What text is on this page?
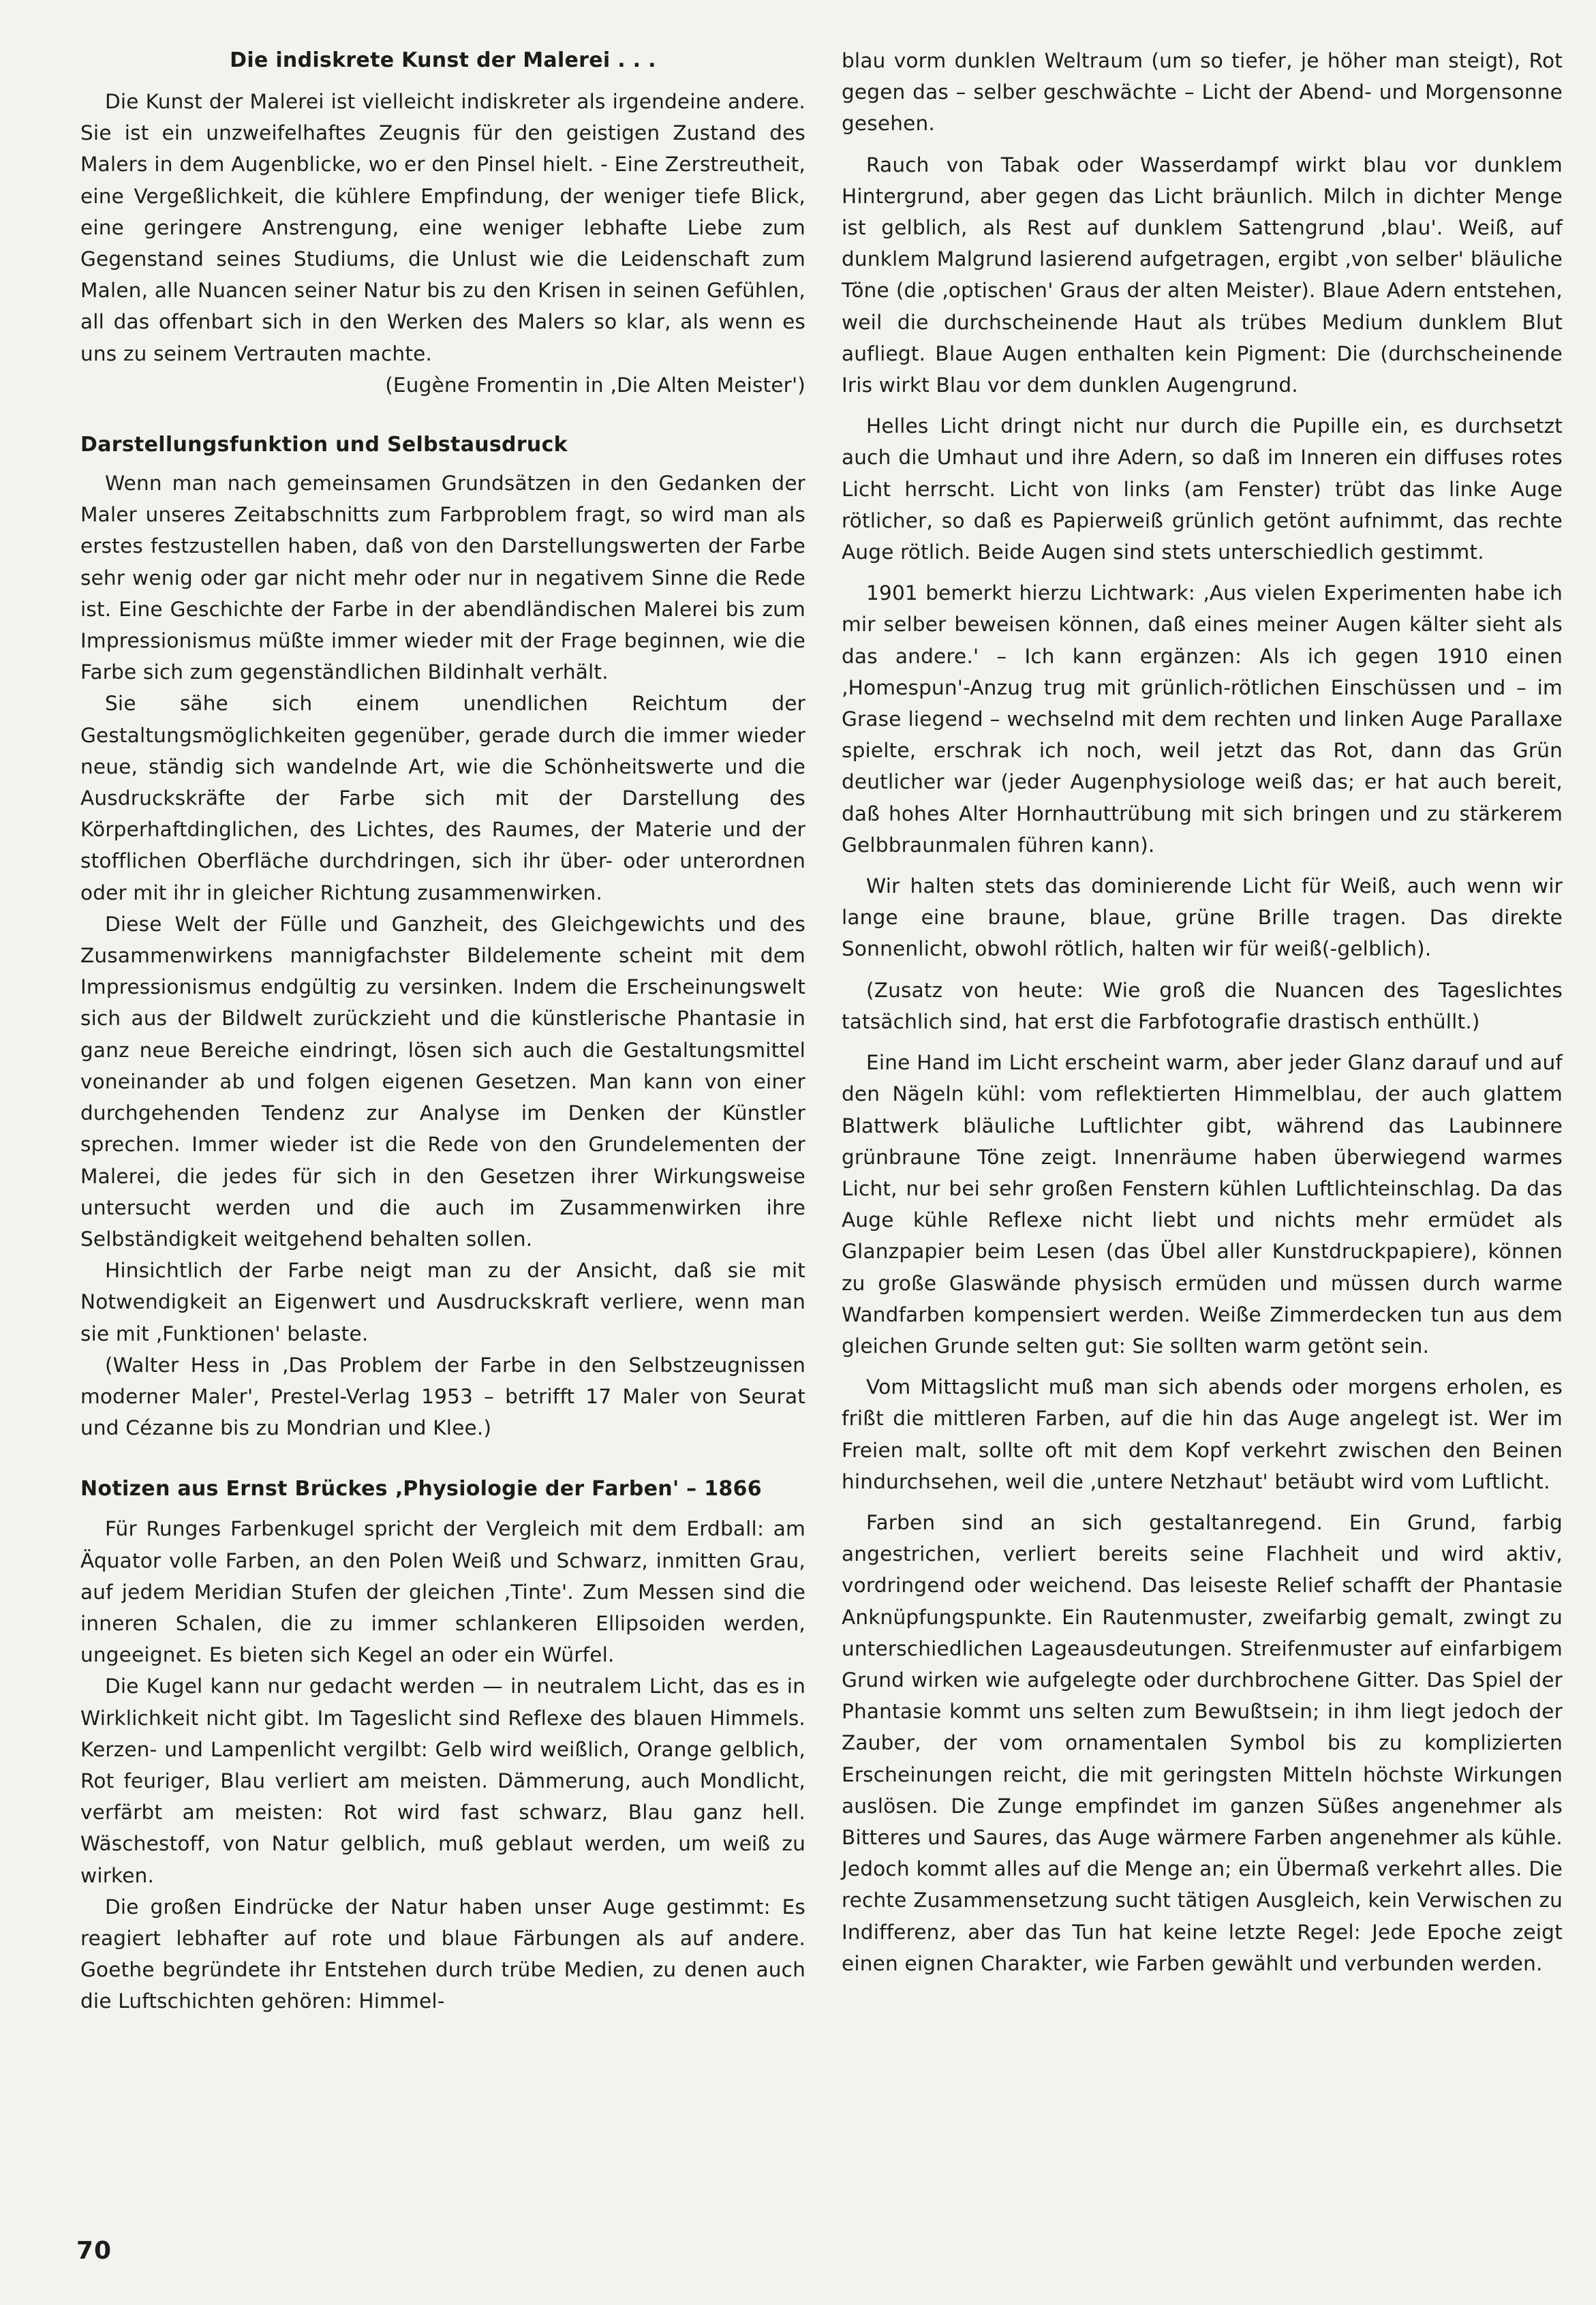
Die indiskrete Kunst der Malerei . . .

Die Kunst der Malerei ist vielleicht indiskreter als irgendeine andere. Sie ist ein unzweifelhaftes Zeugnis für den geistigen Zustand des Malers in dem Augenblicke, wo er den Pinsel hielt. - Eine Zerstreutheit, eine Vergeßlichkeit, die kühlere Empfindung, der weniger tiefe Blick, eine geringere Anstrengung, eine weniger lebhafte Liebe zum Gegenstand seines Studiums, die Unlust wie die Leidenschaft zum Malen, alle Nuancen seiner Natur bis zu den Krisen in seinen Gefühlen, all das offenbart sich in den Werken des Malers so klar, als wenn es uns zu seinem Vertrauten machte.

(Eugène Fromentin in ‚Die Alten Meister')

Darstellungsfunktion und Selbstausdruck

Wenn man nach gemeinsamen Grundsätzen in den Gedanken der Maler unseres Zeitabschnitts zum Farbproblem fragt, so wird man als erstes festzustellen haben, daß von den Darstellungswerten der Farbe sehr wenig oder gar nicht mehr oder nur in negativem Sinne die Rede ist. Eine Geschichte der Farbe in der abendländischen Malerei bis zum Impressionismus müßte immer wieder mit der Frage beginnen, wie die Farbe sich zum gegenständlichen Bildinhalt verhält.

Sie sähe sich einem unendlichen Reichtum der Gestaltungsmöglichkeiten gegenüber, gerade durch die immer wieder neue, ständig sich wandelnde Art, wie die Schönheitswerte und die Ausdruckskräfte der Farbe sich mit der Darstellung des Körperhaftdinglichen, des Lichtes, des Raumes, der Materie und der stofflichen Oberfläche durchdringen, sich ihr über- oder unterordnen oder mit ihr in gleicher Richtung zusammenwirken.

Diese Welt der Fülle und Ganzheit, des Gleichgewichts und des Zusammenwirkens mannigfachster Bildelemente scheint mit dem Impressionismus endgültig zu versinken. Indem die Erscheinungswelt sich aus der Bildwelt zurückzieht und die künstlerische Phantasie in ganz neue Bereiche eindringt, lösen sich auch die Gestaltungsmittel voneinander ab und folgen eigenen Gesetzen. Man kann von einer durchgehenden Tendenz zur Analyse im Denken der Künstler sprechen. Immer wieder ist die Rede von den Grundelementen der Malerei, die jedes für sich in den Gesetzen ihrer Wirkungsweise untersucht werden und die auch im Zusammenwirken ihre Selbständigkeit weitgehend behalten sollen.

Hinsichtlich der Farbe neigt man zu der Ansicht, daß sie mit Notwendigkeit an Eigenwert und Ausdruckskraft verliere, wenn man sie mit ‚Funktionen' belaste.

(Walter Hess in ‚Das Problem der Farbe in den Selbstzeugnissen moderner Maler', Prestel-Verlag 1953 – betrifft 17 Maler von Seurat und Cézanne bis zu Mondrian und Klee.)

Notizen aus Ernst Brückes ‚Physiologie der Farben' – 1866

Für Runges Farbenkugel spricht der Vergleich mit dem Erdball: am Äquator volle Farben, an den Polen Weiß und Schwarz, inmitten Grau, auf jedem Meridian Stufen der gleichen ‚Tinte'. Zum Messen sind die inneren Schalen, die zu immer schlankeren Ellipsoiden werden, ungeeignet. Es bieten sich Kegel an oder ein Würfel.

Die Kugel kann nur gedacht werden — in neutralem Licht, das es in Wirklichkeit nicht gibt. Im Tageslicht sind Reflexe des blauen Himmels. Kerzen- und Lampenlicht vergilbt: Gelb wird weißlich, Orange gelblich, Rot feuriger, Blau verliert am meisten. Dämmerung, auch Mondlicht, verfärbt am meisten: Rot wird fast schwarz, Blau ganz hell. Wäschestoff, von Natur gelblich, muß geblaut werden, um weiß zu wirken.

Die großen Eindrücke der Natur haben unser Auge gestimmt: Es reagiert lebhafter auf rote und blaue Färbungen als auf andere. Goethe begründete ihr Entstehen durch trübe Medien, zu denen auch die Luftschichten gehören: Himmel-

blau vorm dunklen Weltraum (um so tiefer, je höher man steigt), Rot gegen das – selber geschwächte – Licht der Abend- und Morgensonne gesehen.

Rauch von Tabak oder Wasserdampf wirkt blau vor dunklem Hintergrund, aber gegen das Licht bräunlich. Milch in dichter Menge ist gelblich, als Rest auf dunklem Sattengrund ‚blau'. Weiß, auf dunklem Malgrund lasierend aufgetragen, ergibt ‚von selber' bläuliche Töne (die ‚optischen' Graus der alten Meister). Blaue Adern entstehen, weil die durchscheinende Haut als trübes Medium dunklem Blut aufliegt. Blaue Augen enthalten kein Pigment: Die (durchscheinende Iris wirkt Blau vor dem dunklen Augengrund.

Helles Licht dringt nicht nur durch die Pupille ein, es durchsetzt auch die Umhaut und ihre Adern, so daß im Inneren ein diffuses rotes Licht herrscht. Licht von links (am Fenster) trübt das linke Auge rötlicher, so daß es Papierweiß grünlich getönt aufnimmt, das rechte Auge rötlich. Beide Augen sind stets unterschiedlich gestimmt.

1901 bemerkt hierzu Lichtwark: ‚Aus vielen Experimenten habe ich mir selber beweisen können, daß eines meiner Augen kälter sieht als das andere.' – Ich kann ergänzen: Als ich gegen 1910 einen ‚Homespun'-Anzug trug mit grünlich-rötlichen Einschüssen und – im Grase liegend – wechselnd mit dem rechten und linken Auge Parallaxe spielte, erschrak ich noch, weil jetzt das Rot, dann das Grün deutlicher war (jeder Augenphysiologe weiß das; er hat auch bereit, daß hohes Alter Hornhauttrübung mit sich bringen und zu stärkerem Gelbbraunmalen führen kann).

Wir halten stets das dominierende Licht für Weiß, auch wenn wir lange eine braune, blaue, grüne Brille tragen. Das direkte Sonnenlicht, obwohl rötlich, halten wir für weiß(-gelblich).

(Zusatz von heute: Wie groß die Nuancen des Tageslichtes tatsächlich sind, hat erst die Farbfotografie drastisch enthüllt.)

Eine Hand im Licht erscheint warm, aber jeder Glanz darauf und auf den Nägeln kühl: vom reflektierten Himmelblau, der auch glattem Blattwerk bläuliche Luftlichter gibt, während das Laubinnere grünbraune Töne zeigt. Innenräume haben überwiegend warmes Licht, nur bei sehr großen Fenstern kühlen Luftlichteinschlag. Da das Auge kühle Reflexe nicht liebt und nichts mehr ermüdet als Glanzpapier beim Lesen (das Übel aller Kunstdruckpapiere), können zu große Glaswände physisch ermüden und müssen durch warme Wandfarben kompensiert werden. Weiße Zimmerdecken tun aus dem gleichen Grunde selten gut: Sie sollten warm getönt sein.

Vom Mittagslicht muß man sich abends oder morgens erholen, es frißt die mittleren Farben, auf die hin das Auge angelegt ist. Wer im Freien malt, sollte oft mit dem Kopf verkehrt zwischen den Beinen hindurchsehen, weil die ‚untere Netzhaut' betäubt wird vom Luftlicht.

Farben sind an sich gestaltanregend. Ein Grund, farbig angestrichen, verliert bereits seine Flachheit und wird aktiv, vordringend oder weichend. Das leiseste Relief schafft der Phantasie Anknüpfungspunkte. Ein Rautenmuster, zweifarbig gemalt, zwingt zu unterschiedlichen Lageausdeutungen. Streifenmuster auf einfarbigem Grund wirken wie aufgelegte oder durchbrochene Gitter. Das Spiel der Phantasie kommt uns selten zum Bewußtsein; in ihm liegt jedoch der Zauber, der vom ornamentalen Symbol bis zu komplizierten Erscheinungen reicht, die mit geringsten Mitteln höchste Wirkungen auslösen. Die Zunge empfindet im ganzen Süßes angenehmer als Bitteres und Saures, das Auge wärmere Farben angenehmer als kühle. Jedoch kommt alles auf die Menge an; ein Übermaß verkehrt alles. Die rechte Zusammensetzung sucht tätigen Ausgleich, kein Verwischen zu Indifferenz, aber das Tun hat keine letzte Regel: Jede Epoche zeigt einen eignen Charakter, wie Farben gewählt und verbunden werden.

70
